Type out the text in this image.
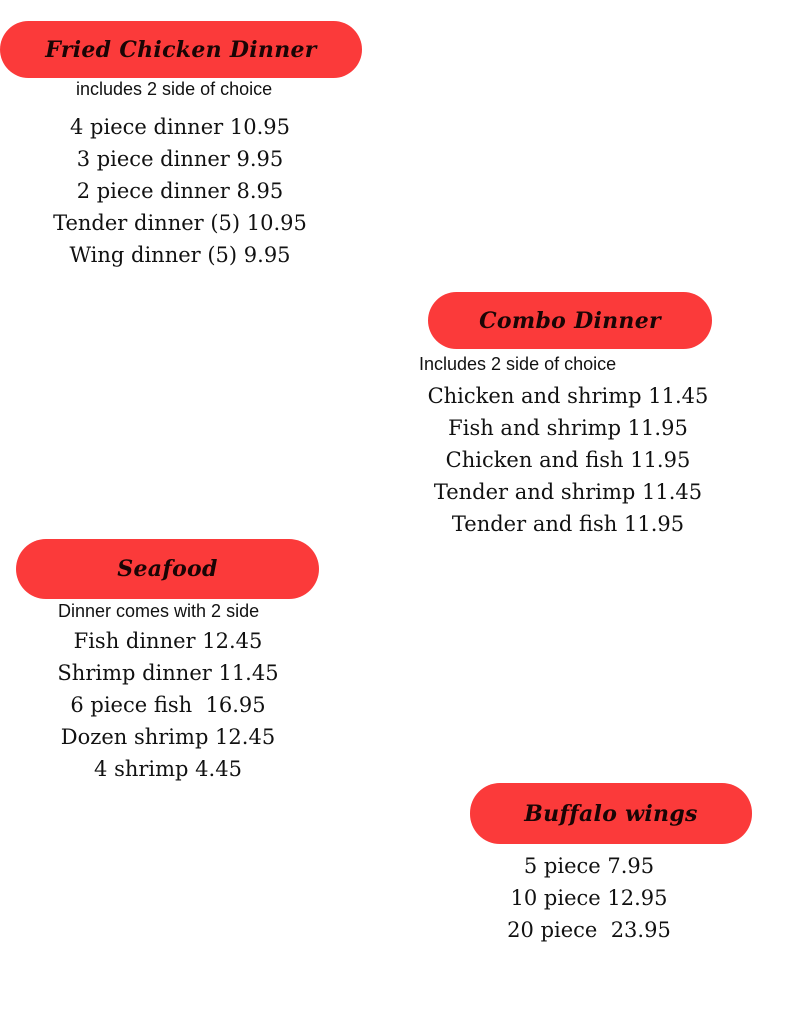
Fried Chicken Dinner
includes 2 side of choice
4 piece dinner 10.95
3 piece dinner 9.95
2 piece dinner 8.95
Tender dinner (5) 10.95
Wing dinner (5) 9.95
Combo Dinner
Includes 2 side of choice
Chicken and shrimp 11.45
Fish and shrimp 11.95
Chicken and fish 11.95
Tender and shrimp 11.45
Tender and fish 11.95
Seafood
Dinner comes with 2 side
Fish dinner 12.45
Shrimp dinner 11.45
6 piece fish  16.95
Dozen shrimp 12.45
4 shrimp 4.45
Buffalo wings
5 piece 7.95
10 piece 12.95
20 piece  23.95
